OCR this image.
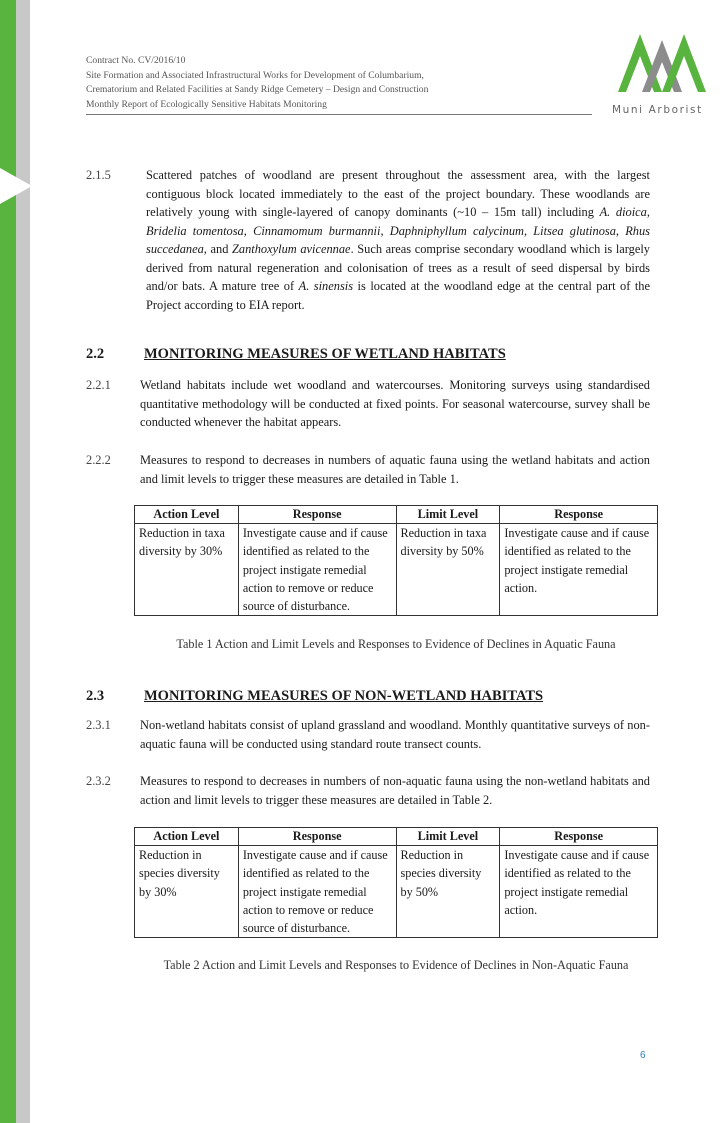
Contract No. CV/2016/10
Site Formation and Associated Infrastructural Works for Development of Columbarium,
Crematorium and Related Facilities at Sandy Ridge Cemetery – Design and Construction
Monthly Report of Ecologically Sensitive Habitats Monitoring	Muni Arborist
2.1.5	Scattered patches of woodland are present throughout the assessment area, with the largest contiguous block located immediately to the east of the project boundary. These woodlands are relatively young with single-layered of canopy dominants (~10 – 15m tall) including A. dioica, Bridelia tomentosa, Cinnamomum burmannii, Daphniphyllum calycinum, Litsea glutinosa, Rhus succedanea, and Zanthoxylum avicennae. Such areas comprise secondary woodland which is largely derived from natural regeneration and colonisation of trees as a result of seed dispersal by birds and/or bats. A mature tree of A. sinensis is located at the woodland edge at the central part of the Project according to EIA report.
2.2	MONITORING MEASURES OF WETLAND HABITATS
2.2.1 Wetland habitats include wet woodland and watercourses. Monitoring surveys using standardised quantitative methodology will be conducted at fixed points. For seasonal watercourse, survey shall be conducted whenever the habitat appears.
2.2.2 Measures to respond to decreases in numbers of aquatic fauna using the wetland habitats and action and limit levels to trigger these measures are detailed in Table 1.
Action Level	Response	Limit Level	Response
Reduction in taxa diversity by 30%	Investigate cause and if cause identified as related to the project instigate remedial action to remove or reduce source of disturbance.	Reduction in taxa diversity by 50%	Investigate cause and if cause identified as related to the project instigate remedial action.
Table 1 Action and Limit Levels and Responses to Evidence of Declines in Aquatic Fauna
2.3	MONITORING MEASURES OF NON-WETLAND HABITATS
2.3.1 Non-wetland habitats consist of upland grassland and woodland. Monthly quantitative surveys of non-aquatic fauna will be conducted using standard route transect counts.
2.3.2 Measures to respond to decreases in numbers of non-aquatic fauna using the non-wetland habitats and action and limit levels to trigger these measures are detailed in Table 2.
Action Level	Response	Limit Level	Response
Reduction in species diversity by 30%	Investigate cause and if cause identified as related to the project instigate remedial action to remove or reduce source of disturbance.	Reduction in species diversity by 50%	Investigate cause and if cause identified as related to the project instigate remedial action.
Table 2 Action and Limit Levels and Responses to Evidence of Declines in Non-Aquatic Fauna
6
